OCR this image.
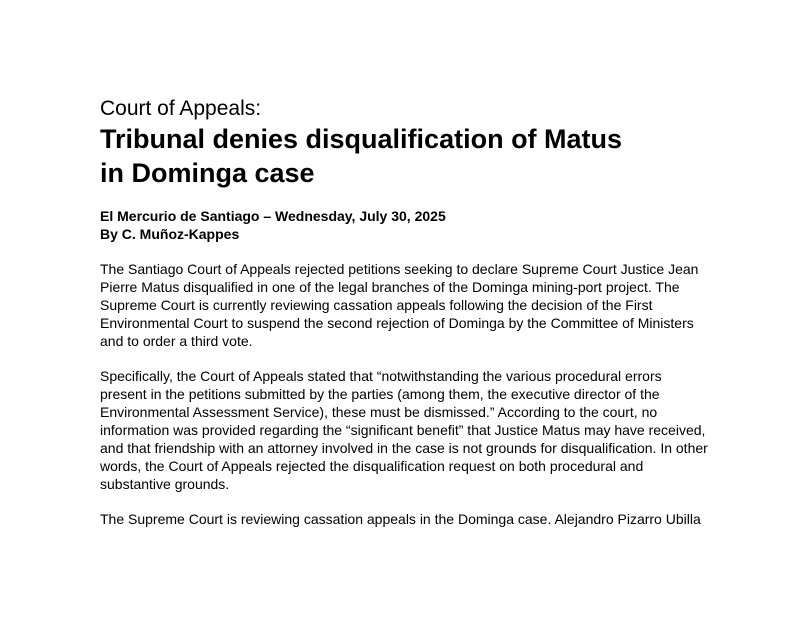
Court of Appeals:
Tribunal denies disqualification of Matus
in Dominga case
El Mercurio de Santiago – Wednesday, July 30, 2025
By C. Muñoz-Kappes

The Santiago Court of Appeals rejected petitions seeking to declare Supreme Court Justice Jean Pierre Matus disqualified in one of the legal branches of the Dominga mining-port project. The Supreme Court is currently reviewing cassation appeals following the decision of the First Environmental Court to suspend the second rejection of Dominga by the Committee of Ministers and to order a third vote.

Specifically, the Court of Appeals stated that “notwithstanding the various procedural errors present in the petitions submitted by the parties (among them, the executive director of the Environmental Assessment Service), these must be dismissed.” According to the court, no information was provided regarding the “significant benefit” that Justice Matus may have received, and that friendship with an attorney involved in the case is not grounds for disqualification. In other words, the Court of Appeals rejected the disqualification request on both procedural and substantive grounds.

The Supreme Court is reviewing cassation appeals in the Dominga case. Alejandro Pizarro Ubilla
